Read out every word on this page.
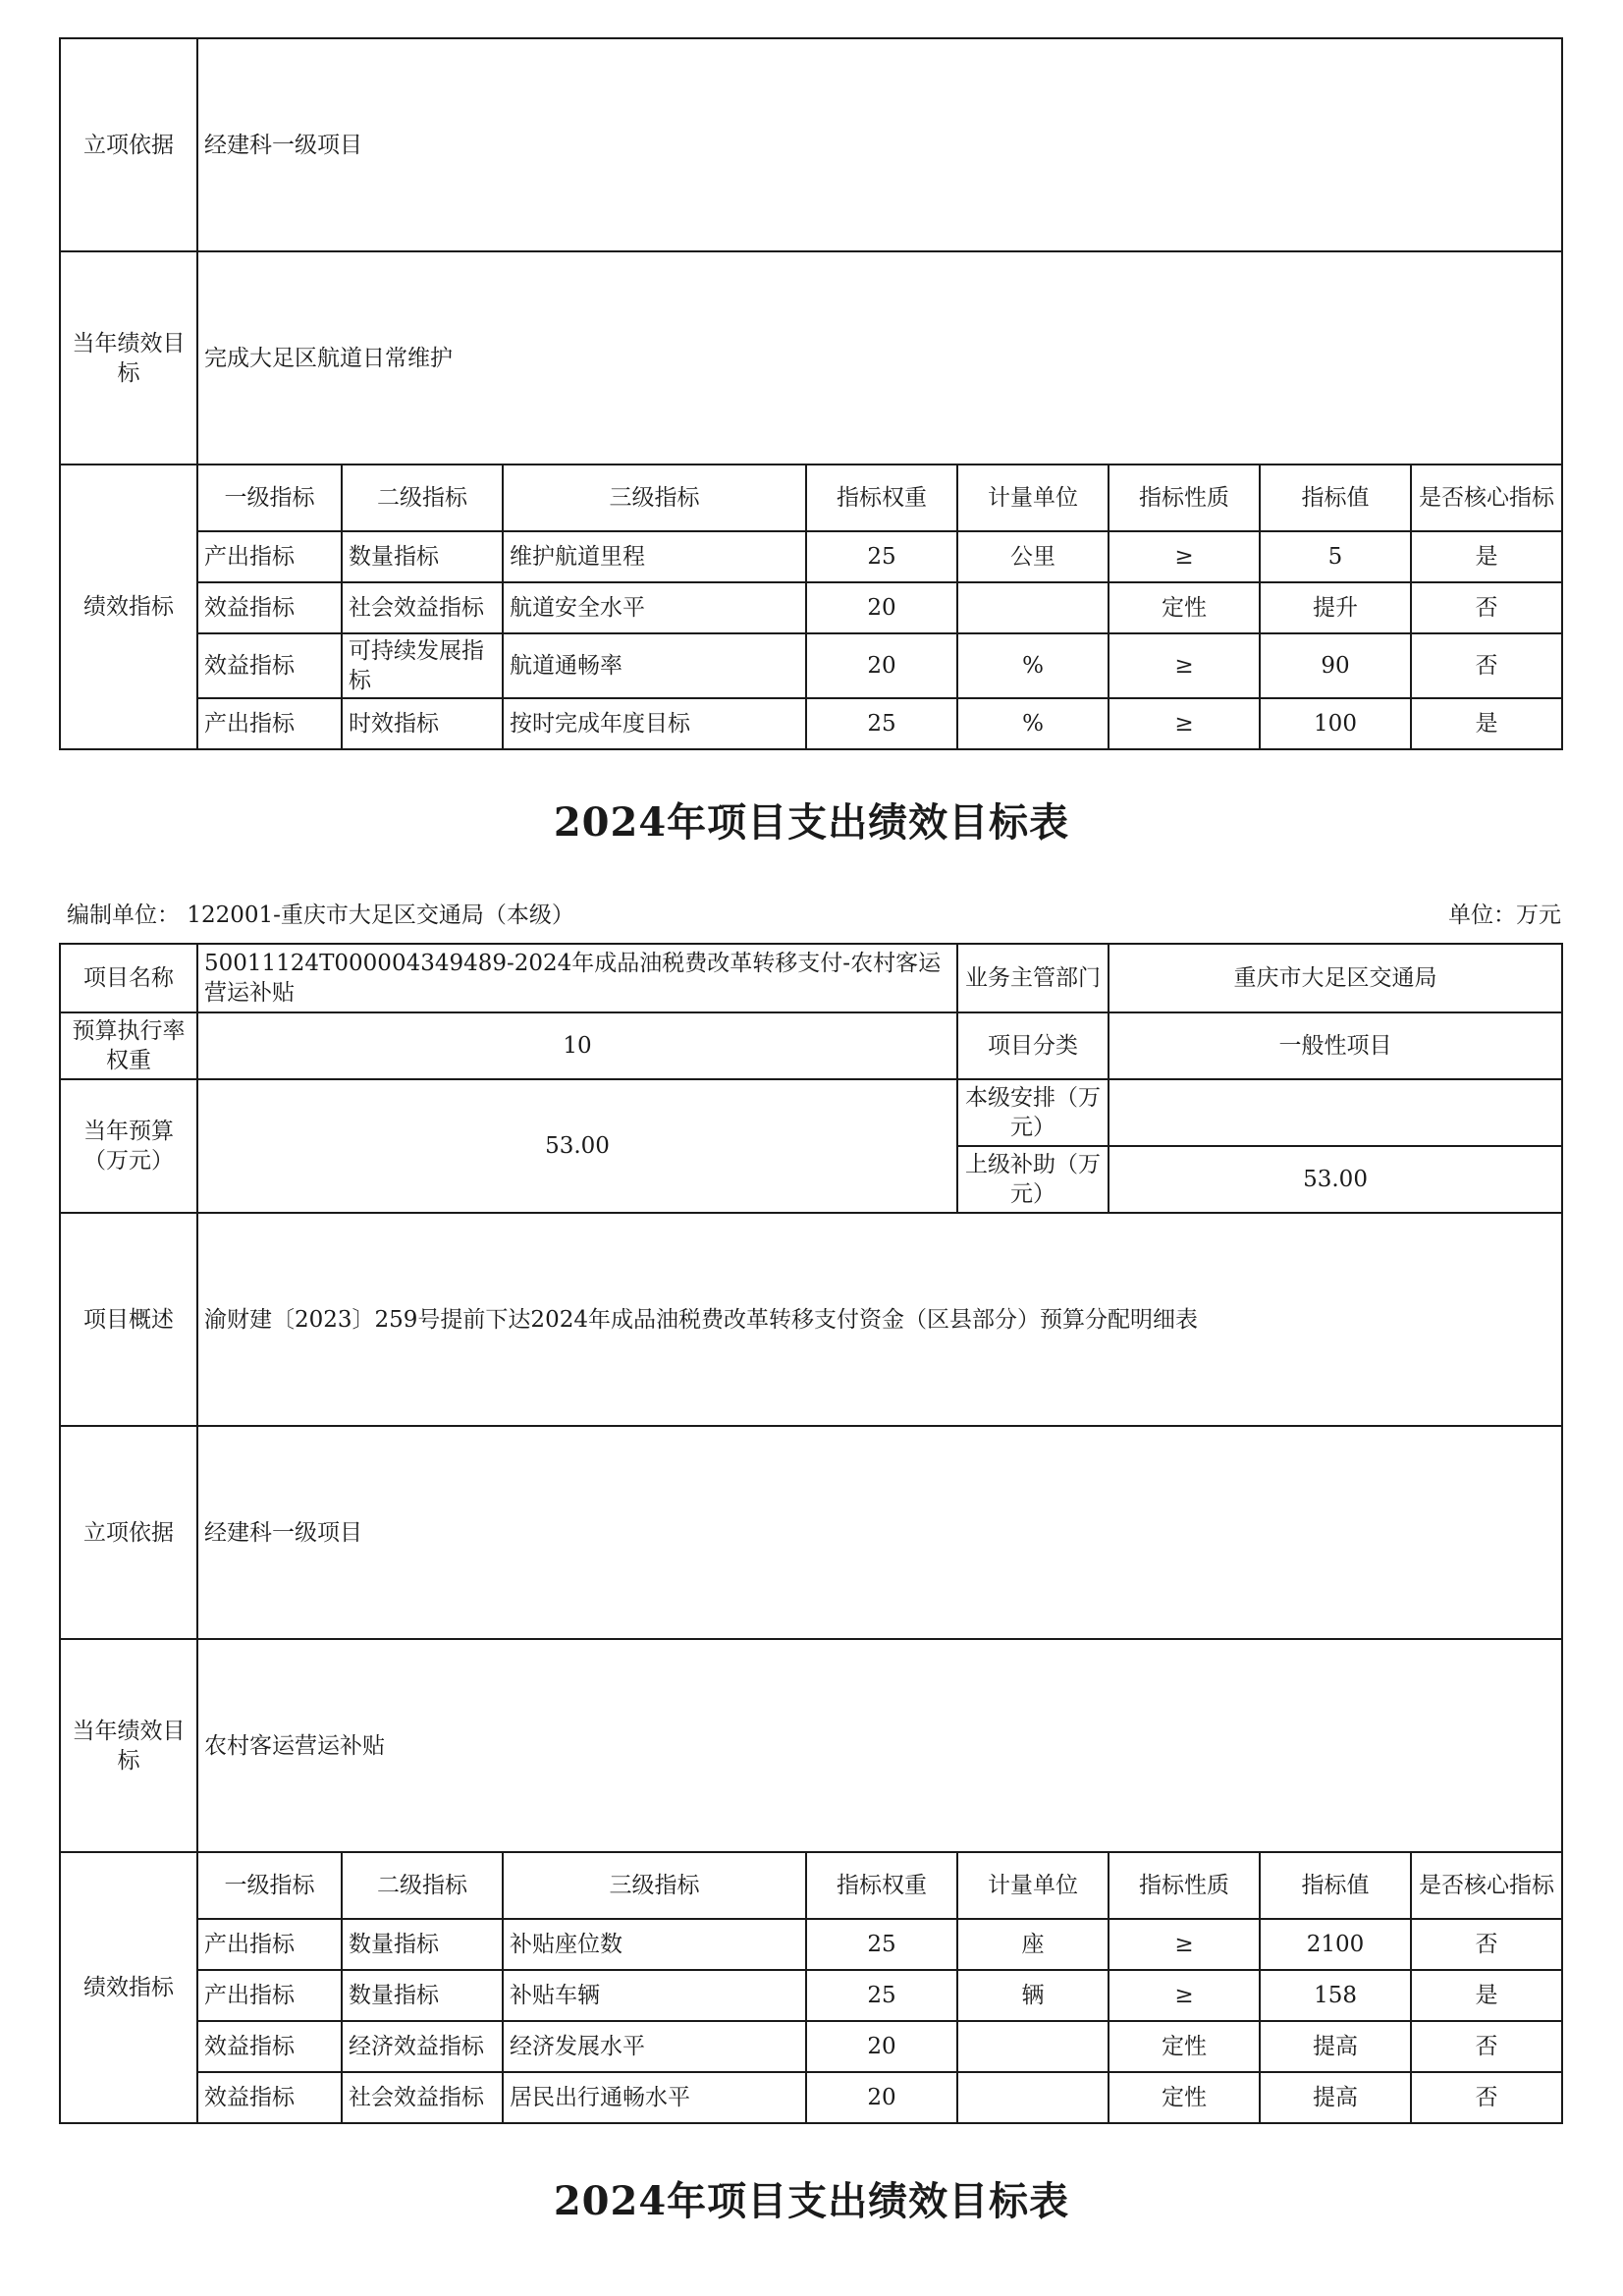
立项依据	经建科一级项目							
当年绩效目标	完成大足区航道日常维护							
绩效指标	一级指标	二级指标	三级指标	指标权重	计量单位	指标性质	指标值	是否核心指标
	产出指标	数量指标	维护航道里程	25	公里	≥	5	是
	效益指标	社会效益指标	航道安全水平	20		定性	提升	否
	效益指标	可持续发展指标	航道通畅率	20	%	≥	90	否
	产出指标	时效指标	按时完成年度目标	25	%	≥	100	是
2024年项目支出绩效目标表
编制单位： 122001-重庆市大足区交通局（本级）	单位：万元
项目名称	50011124T000004349489-2024年成品油税费改革转移支付-农村客运营运补贴				业务主管部门	重庆市大足区交通局		
预算执行率权重	10				项目分类	一般性项目		
当年预算（万元）	53.00				本级安排（万元）			
					上级补助（万元）	53.00		
项目概述	渝财建〔2023〕259号提前下达2024年成品油税费改革转移支付资金（区县部分）预算分配明细表							
立项依据	经建科一级项目							
当年绩效目标	农村客运营运补贴							
绩效指标	一级指标	二级指标	三级指标	指标权重	计量单位	指标性质	指标值	是否核心指标
	产出指标	数量指标	补贴座位数	25	座	≥	2100	否
	产出指标	数量指标	补贴车辆	25	辆	≥	158	是
	效益指标	经济效益指标	经济发展水平	20		定性	提高	否
	效益指标	社会效益指标	居民出行通畅水平	20		定性	提高	否
2024年项目支出绩效目标表
